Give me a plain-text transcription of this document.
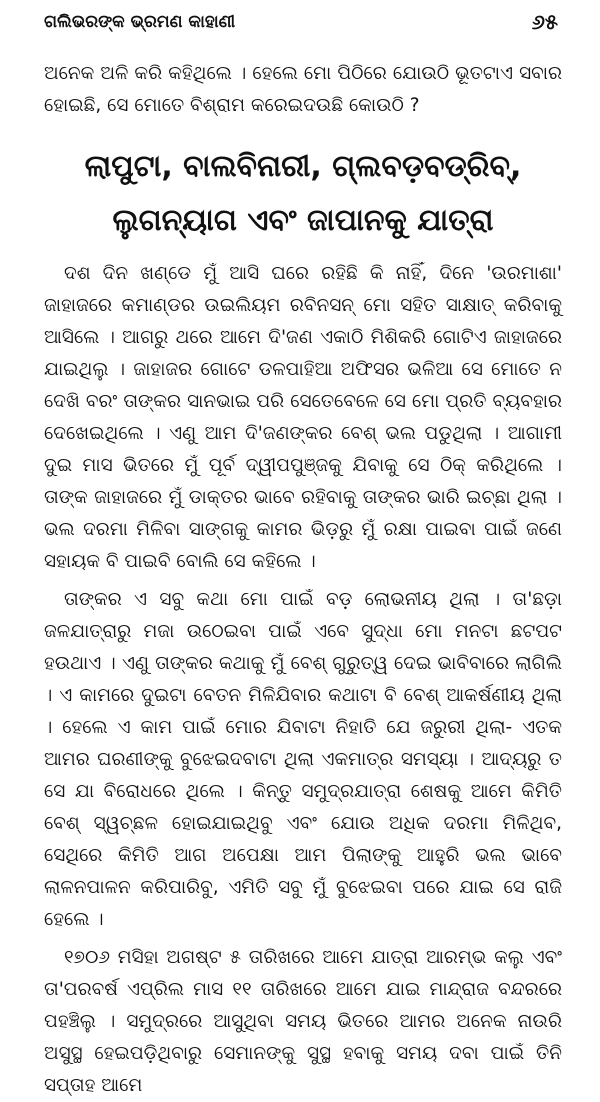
ଗଲିଭରଙ୍କ ଭ୍ରମଣ କାହାଣୀ	୬୫

ଅନେକ ଅଳି କରି କହିଥିଲେ । ହେଲେ ମୋ ପିଠିରେ ଯୋଉଠି ଭୂତଟାଏ ସବାର ହୋଇଛି, ସେ ମୋତେ ବିଶ୍ରାମ କରେଇଦଉଛି କୋଉଠି ?

ଲାପୁଟା, ବାଲବିନାରୀ, ଗ୍ଲବଡ଼ବଡ୍ରିବ୍,
ଲୁଗନ୍ୟାଗ ଏବଂ ଜାପାନକୁ ଯାତ୍ରା

ଦଶ ଦିନ ଖଣ୍ଡେ ମୁଁ ଆସି ଘରେ ରହିଛି କି ନାହିଁ, ଦିନେ 'ଉରମାଶା' ଜାହାଜରେ କମାଣ୍ଡର ଉଇଲିୟମ ରବିନସନ୍ ମୋ ସହିତ ସାକ୍ଷାତ୍ କରିବାକୁ ଆସିଲେ । ଆଗରୁ ଥରେ ଆମେ ଦି'ଜଣ ଏକାଠି ମିଶିକରି ଗୋଟିଏ ଜାହାଜରେ ଯାଇଥିଲୁ । ଜାହାଜର ଗୋଟେ ଡଳପାହିଆ ଅଫିସର ଭଳିଆ ସେ ମୋତେ ନ ଦେଖି ବରଂ ତାଙ୍କର ସାନଭାଇ ପରି ସେତେବେଳେ ସେ ମୋ ପ୍ରତି ବ୍ୟବହାର ଦେଖେଇଥିଲେ । ଏଣୁ ଆମ ଦି'ଜଣଙ୍କର ବେଶ୍ ଭଲ ପଡୁଥିଲା । ଆଗାମୀ ଦୁଇ ମାସ ଭିତରେ ମୁଁ ପୂର୍ବ ଦ୍ୱୀପପୁଞ୍ଜକୁ ଯିବାକୁ ସେ ଠିକ୍ କରିଥିଲେ । ତାଙ୍କ ଜାହାଜରେ ମୁଁ ଡାକ୍ତର ଭାବେ ରହିବାକୁ ତାଙ୍କର ଭାରି ଇଚ୍ଛା ଥିଲା । ଭଲ ଦରମା ମିଳିବା ସାଙ୍ଗକୁ କାମର ଭିଡ଼ରୁ ମୁଁ ରକ୍ଷା ପାଇବା ପାଇଁ ଜଣେ ସହାୟକ ବି ପାଇବି ବୋଲି ସେ କହିଲେ ।

ତାଙ୍କର ଏ ସବୁ କଥା ମୋ ପାଇଁ ବଡ଼ ଲୋଭନୀୟ ଥିଲା । ତା'ଛଡ଼ା ଜଳଯାତ୍ରାରୁ ମଜା ଉଠେଇବା ପାଇଁ ଏବେ ସୁଦ୍ଧା ମୋ ମନଟା ଛଟପଟ ହଉଥାଏ । ଏଣୁ ତାଙ୍କର କଥାକୁ ମୁଁ ବେଶ୍ ଗୁରୁତ୍ୱ ଦେଇ ଭାବିବାରେ ଲାଗିଲି । ଏ କାମରେ ଦୁଇଟା ବେତନ ମିଳିଯିବାର କଥାଟା ବି ବେଶ୍ ଆକର୍ଷଣୀୟ ଥିଲା । ହେଲେ ଏ କାମ ପାଇଁ ମୋର ଯିବାଟା ନିହାତି ଯେ ଜରୁରୀ ଥିଲା- ଏତକ ଆମର ଘରଣୀଙ୍କୁ ବୁଝେଇଦବାଟା ଥିଲା ଏକମାତ୍ର ସମସ୍ୟା । ଆଦ୍ୟରୁ ତ ସେ ଯା ବିରୋଧରେ ଥିଲେ । କିନ୍ତୁ ସମୁଦ୍ରଯାତ୍ରା ଶେଷକୁ ଆମେ କିମିତି ବେଶ୍ ସ୍ୱଚ୍ଛଳ ହୋଇଯାଇଥିବୁ ଏବଂ ଯୋଉ ଅଧିକ ଦରମା ମିଳିଥିବ, ସେଥିରେ କିମିତି ଆଗ ଅପେକ୍ଷା ଆମ ପିଲାଙ୍କୁ ଆହୁରି ଭଲ ଭାବେ ଲାଳନପାଳନ କରିପାରିବୁ, ଏମିତି ସବୁ ମୁଁ ବୁଝେଇବା ପରେ ଯାଇ ସେ ରାଜି ହେଲେ ।

୧୭୦୬ ମସିହା ଅଗଷ୍ଟ ୫ ତାରିଖରେ ଆମେ ଯାତ୍ରା ଆରମ୍ଭ କଲୁ ଏବଂ ତା'ପରବର୍ଷ ଏପ୍ରିଲ ମାସ ୧୧ ତାରିଖରେ ଆମେ ଯାଇ ମାନ୍ଦ୍ରାଜ ବନ୍ଦରରେ ପହଞ୍ଚିଲୁ । ସମୁଦ୍ରରେ ଆସୁଥିବା ସମୟ ଭିତରେ ଆମର ଅନେକ ନାଉରି ଅସୁସ୍ଥ ହେଇପଡ଼ିଥିବାରୁ ସେମାନଙ୍କୁ ସୁସ୍ଥ ହବାକୁ ସମୟ ଦବା ପାଇଁ ତିନି ସପ୍ତାହ ଆମେ
